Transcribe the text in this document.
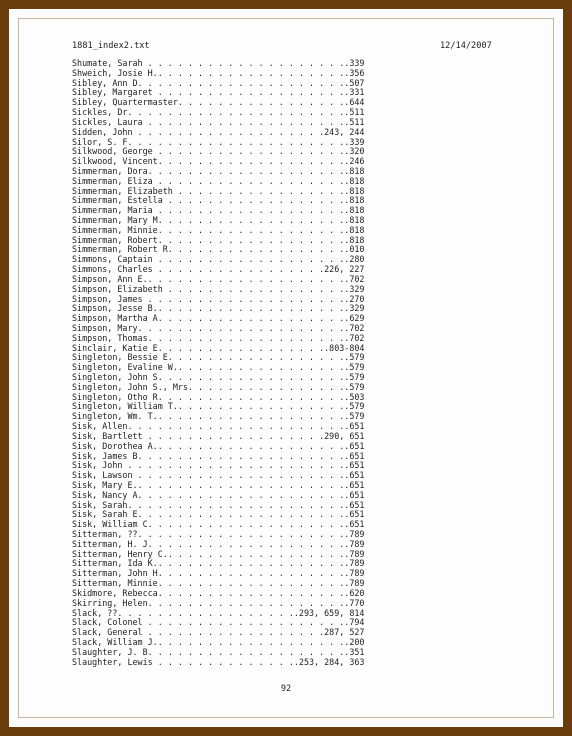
1881_index2.txt	12/14/2007
Shumate, Sarah . . . . . . . . . . . . . . . . . . . ..339
Shweich, Josie H.. . . . . . . . . . . . . . . . . . ..356
Sibley, Ann D. . . . . . . . . . . . . . . . . . . . ..507
Sibley, Margaret . . . . . . . . . . . . . . . . . . ..331
Sibley, Quartermaster. . . . . . . . . . . . . . . . ..644
Sickles, Dr. . . . . . . . . . . . . . . . . . . . . ..511
Sickles, Laura . . . . . . . . . . . . . . . . . . . ..511
Sidden, John . . . . . . . . . . . . . . . . . . .243, 244
Silor, S. F. . . . . . . . . . . . . . . . . . . . . ..339
Silkwood, George . . . . . . . . . . . . . . . . . . ..320
Silkwood, Vincent. . . . . . . . . . . . . . . . . . ..246
Simmerman, Dora. . . . . . . . . . . . . . . . . . . ..818
Simmerman, Eliza . . . . . . . . . . . . . . . . . . ..818
Simmerman, Elizabeth . . . . . . . . . . . . . . . . ..818
Simmerman, Estella . . . . . . . . . . . . . . . . . ..818
Simmerman, Maria . . . . . . . . . . . . . . . . . . ..818
Simmerman, Mary M. . . . . . . . . . . . . . . . . . ..818
Simmerman, Minnie. . . . . . . . . . . . . . . . . . ..818
Simmerman, Robert. . . . . . . . . . . . . . . . . . ..818
Simmerman, Robert R. . . . . . . . . . . . . . . . . ..010
Simmons, Captain . . . . . . . . . . . . . . . . . . ..280
Simmons, Charles . . . . . . . . . . . . . . . . .226, 227
Simpson, Ann E.. . . . . . . . . . . . . . . . . . . ..702
Simpson, Elizabeth . . . . . . . . . . . . . . . . . ..329
Simpson, James . . . . . . . . . . . . . . . . . . . ..270
Simpson, Jesse B.. . . . . . . . . . . . . . . . . . ..329
Simpson, Martha A. . . . . . . . . . . . . . . . . . ..629
Simpson, Mary. . . . . . . . . . . . . . . . . . . . ..702
Simpson, Thomas. . . . . . . . . . . . . . . . . . . ..702
Sinclair, Katie E. . . . . . . . . . . . . . . . ..803-804
Singleton, Bessie E. . . . . . . . . . . . . . . . . ..579
Singleton, Evaline W.. . . . . . . . . . . . . . . . ..579
Singleton, John S. . . . . . . . . . . . . . . . . . ..579
Singleton, John S., Mrs. . . . . . . . . . . . . . . ..579
Singleton, Otho R. . . . . . . . . . . . . . . . . . ..503
Singleton, William T.. . . . . . . . . . . . . . . . ..579
Singleton, Wm. T.. . . . . . . . . . . . . . . . . . ..579
Sisk, Allen. . . . . . . . . . . . . . . . . . . . . ..651
Sisk, Bartlett . . . . . . . . . . . . . . . . . .290, 651
Sisk, Dorothea A.. . . . . . . . . . . . . . . . . . ..651
Sisk, James B. . . . . . . . . . . . . . . . . . . . ..651
Sisk, John . . . . . . . . . . . . . . . . . . . . . ..651
Sisk, Lawson . . . . . . . . . . . . . . . . . . . . ..651
Sisk, Mary E.. . . . . . . . . . . . . . . . . . . . ..651
Sisk, Nancy A. . . . . . . . . . . . . . . . . . . . ..651
Sisk, Sarah. . . . . . . . . . . . . . . . . . . . . ..651
Sisk, Sarah E. . . . . . . . . . . . . . . . . . . . ..651
Sisk, William C. . . . . . . . . . . . . . . . . . . ..651
Sitterman, ??. . . . . . . . . . . . . . . . . . . . ..789
Sitterman, H. J. . . . . . . . . . . . . . . . . . . ..789
Sitterman, Henry C.. . . . . . . . . . . . . . . . . ..789
Sitterman, Ida K.. . . . . . . . . . . . . . . . . . ..789
Sitterman, John H. . . . . . . . . . . . . . . . . . ..789
Sitterman, Minnie. . . . . . . . . . . . . . . . . . ..789
Skidmore, Rebecca. . . . . . . . . . . . . . . . . . ..620
Skirring, Helen. . . . . . . . . . . . . . . . . . . ..770
Slack, ??. . . . . . . . . . . . . . . . . ..293, 659, 814
Slack, Colonel . . . . . . . . . . . . . . . . . . . ..794
Slack, General . . . . . . . . . . . . . . . . . .287, 527
Slack, William J.. . . . . . . . . . . . . . . . . . ..200
Slaughter, J. B. . . . . . . . . . . . . . . . . . . ..351
Slaughter, Lewis . . . . . . . . . . . . . ..253, 284, 363
92
